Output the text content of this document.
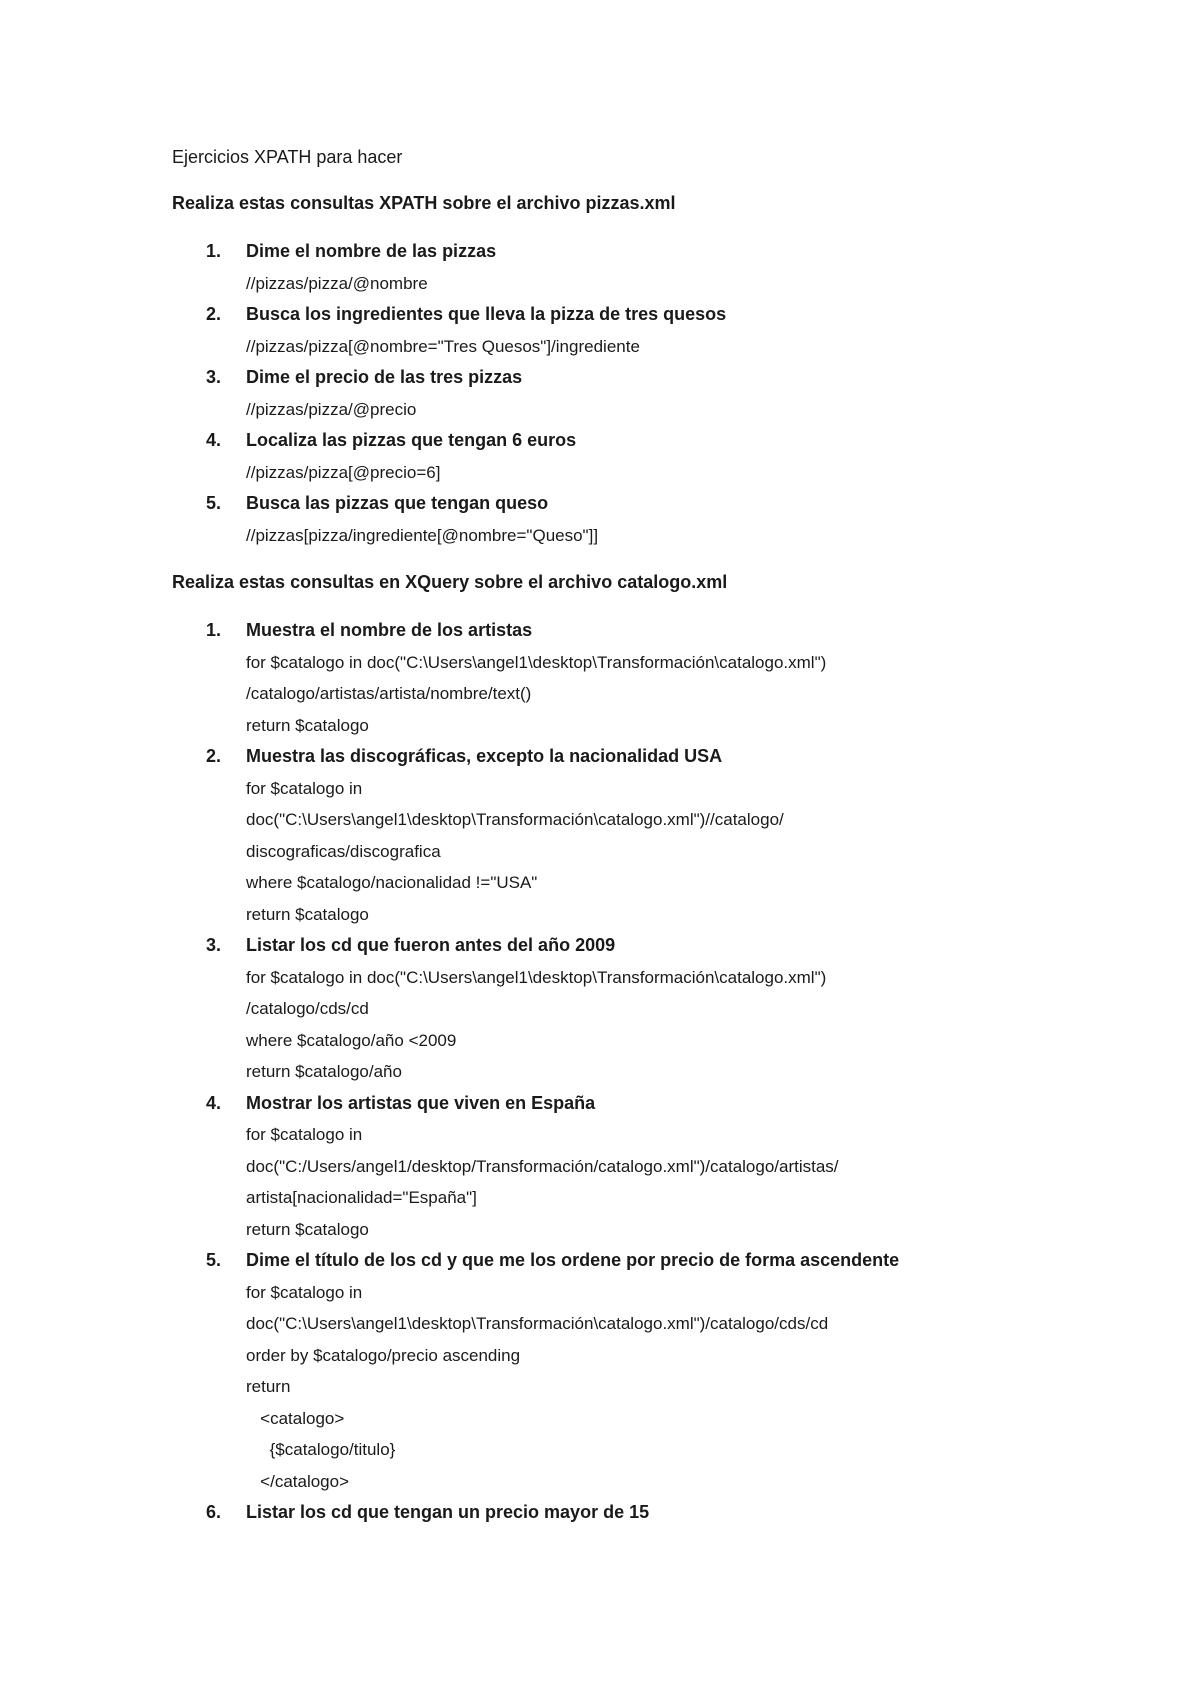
Ejercicios XPATH para hacer

Realiza estas consultas XPATH sobre el archivo pizzas.xml

1. Dime el nombre de las pizzas
//pizzas/pizza/@nombre
2. Busca los ingredientes que lleva la pizza de tres quesos
//pizzas/pizza[@nombre="Tres Quesos"]/ingrediente
3. Dime el precio de las tres pizzas
//pizzas/pizza/@precio
4. Localiza las pizzas que tengan 6 euros
//pizzas/pizza[@precio=6]
5. Busca las pizzas que tengan queso
//pizzas[pizza/ingrediente[@nombre="Queso"]]

Realiza estas consultas en XQuery sobre el archivo catalogo.xml

1. Muestra el nombre de los artistas
for $catalogo in doc("C:\Users\angel1\desktop\Transformación\catalogo.xml")
/catalogo/artistas/artista/nombre/text()
return $catalogo
2. Muestra las discográficas, excepto la nacionalidad USA
for $catalogo in
doc("C:\Users\angel1\desktop\Transformación\catalogo.xml")//catalogo/
discograficas/discografica
where $catalogo/nacionalidad !="USA"
return $catalogo
3. Listar los cd que fueron antes del año 2009
for $catalogo in doc("C:\Users\angel1\desktop\Transformación\catalogo.xml")
/catalogo/cds/cd
where $catalogo/año <2009
return $catalogo/año
4. Mostrar los artistas que viven en España
for $catalogo in
doc("C:/Users/angel1/desktop/Transformación/catalogo.xml")/catalogo/artistas/
artista[nacionalidad="España"]
return $catalogo
5. Dime el título de los cd y que me los ordene por precio de forma ascendente
for $catalogo in
doc("C:\Users\angel1\desktop\Transformación\catalogo.xml")/catalogo/cds/cd
order by $catalogo/precio ascending
return
<catalogo>
{$catalogo/titulo}
</catalogo>
6. Listar los cd que tengan un precio mayor de 15
